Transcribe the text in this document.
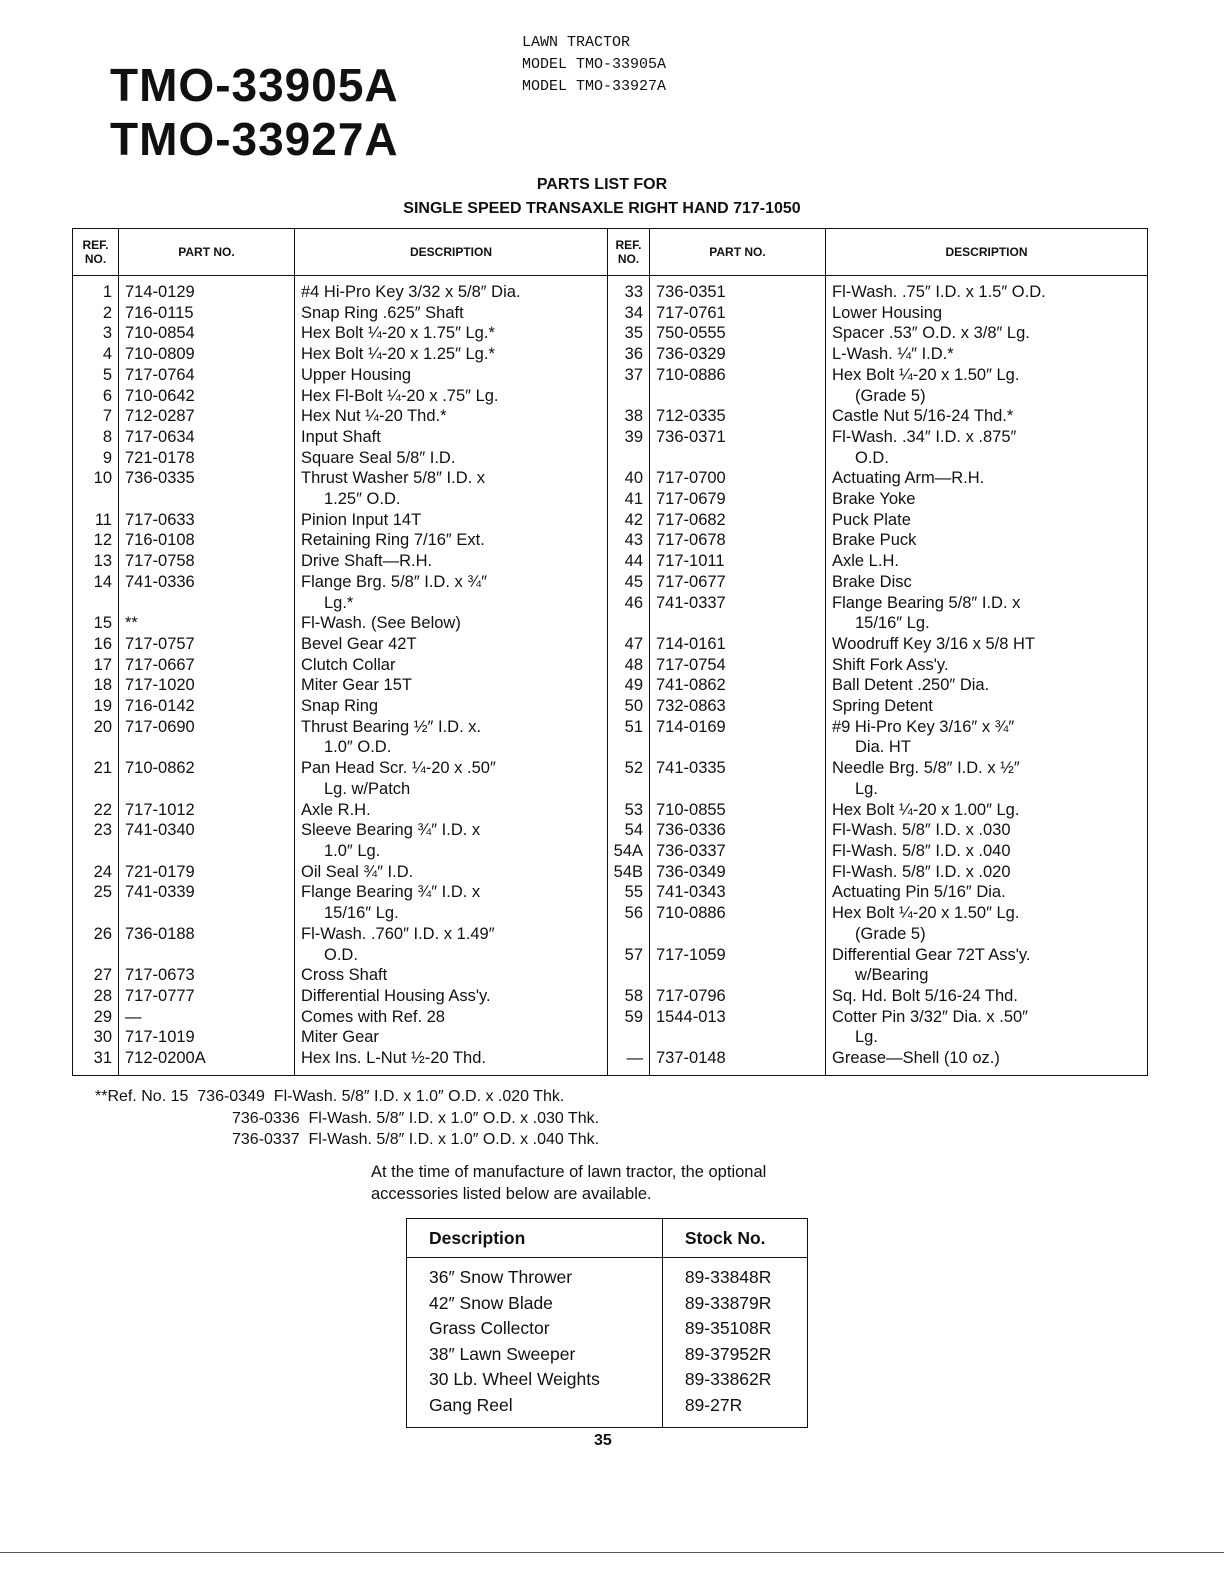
TMO-33905A
TMO-33927A
LAWN TRACTOR
MODEL TMO-33905A
MODEL TMO-33927A
PARTS LIST FOR
SINGLE SPEED TRANSAXLE RIGHT HAND 717-1050
REF. NO.	PART NO.	DESCRIPTION	REF. NO.	PART NO.	DESCRIPTION
1	714-0129	#4 Hi-Pro Key 3/32 x 5/8″ Dia.	33	736-0351	Fl-Wash. .75″ I.D. x 1.5″ O.D.
2	716-0115	Snap Ring .625″ Shaft	34	717-0761	Lower Housing
3	710-0854	Hex Bolt ¼-20 x 1.75″ Lg.*	35	750-0555	Spacer .53″ O.D. x 3/8″ Lg.
4	710-0809	Hex Bolt ¼-20 x 1.25″ Lg.*	36	736-0329	L-Wash. ¼″ I.D.*
5	717-0764	Upper Housing	37	710-0886	Hex Bolt ¼-20 x 1.50″ Lg.
6	710-0642	Hex Fl-Bolt ¼-20 x .75″ Lg.			(Grade 5)
7	712-0287	Hex Nut ¼-20 Thd.*	38	712-0335	Castle Nut 5/16-24 Thd.*
8	717-0634	Input Shaft	39	736-0371	Fl-Wash. .34″ I.D. x .875″
9	721-0178	Square Seal 5/8″ I.D.			O.D.
10	736-0335	Thrust Washer 5/8″ I.D. x	40	717-0700	Actuating Arm—R.H.
		1.25″ O.D.	41	717-0679	Brake Yoke
11	717-0633	Pinion Input 14T	42	717-0682	Puck Plate
12	716-0108	Retaining Ring 7/16″ Ext.	43	717-0678	Brake Puck
13	717-0758	Drive Shaft—R.H.	44	717-1011	Axle L.H.
14	741-0336	Flange Brg. 5/8″ I.D. x ¾″	45	717-0677	Brake Disc
		Lg.*	46	741-0337	Flange Bearing 5/8″ I.D. x
15	**	Fl-Wash. (See Below)			15/16″ Lg.
16	717-0757	Bevel Gear 42T	47	714-0161	Woodruff Key 3/16 x 5/8 HT
17	717-0667	Clutch Collar	48	717-0754	Shift Fork Ass'y.
18	717-1020	Miter Gear 15T	49	741-0862	Ball Detent .250″ Dia.
19	716-0142	Snap Ring	50	732-0863	Spring Detent
20	717-0690	Thrust Bearing ½″ I.D. x.	51	714-0169	#9 Hi-Pro Key 3/16″ x ¾″
		1.0″ O.D.			Dia. HT
21	710-0862	Pan Head Scr. ¼-20 x .50″	52	741-0335	Needle Brg. 5/8″ I.D. x ½″
		Lg. w/Patch			Lg.
22	717-1012	Axle R.H.	53	710-0855	Hex Bolt ¼-20 x 1.00″ Lg.
23	741-0340	Sleeve Bearing ¾″ I.D. x	54	736-0336	Fl-Wash. 5/8″ I.D. x .030
		1.0″ Lg.	54A	736-0337	Fl-Wash. 5/8″ I.D. x .040
24	721-0179	Oil Seal ¾″ I.D.	54B	736-0349	Fl-Wash. 5/8″ I.D. x .020
25	741-0339	Flange Bearing ¾″ I.D. x	55	741-0343	Actuating Pin 5/16″ Dia.
		15/16″ Lg.	56	710-0886	Hex Bolt ¼-20 x 1.50″ Lg.
26	736-0188	Fl-Wash. .760″ I.D. x 1.49″			(Grade 5)
		O.D.	57	717-1059	Differential Gear 72T Ass'y.
27	717-0673	Cross Shaft			w/Bearing
28	717-0777	Differential Housing Ass'y.	58	717-0796	Sq. Hd. Bolt 5/16-24 Thd.
29	—	Comes with Ref. 28	59	1544-013	Cotter Pin 3/32″ Dia. x .50″
30	717-1019	Miter Gear			Lg.
31	712-0200A	Hex Ins. L-Nut ½-20 Thd.	—	737-0148	Grease—Shell (10 oz.)
**Ref. No. 15 736-0349  Fl-Wash. 5/8″ I.D. x 1.0″ O.D. x .020 Thk.
736-0336  Fl-Wash. 5/8″ I.D. x 1.0″ O.D. x .030 Thk.
736-0337  Fl-Wash. 5/8″ I.D. x 1.0″ O.D. x .040 Thk.
At the time of manufacture of lawn tractor, the optional
accessories listed below are available.
Description	Stock No.
36″ Snow Thrower	89-33848R
42″ Snow Blade	89-33879R
Grass Collector	89-35108R
38″ Lawn Sweeper	89-37952R
30 Lb. Wheel Weights	89-33862R
Gang Reel	89-27R
35
